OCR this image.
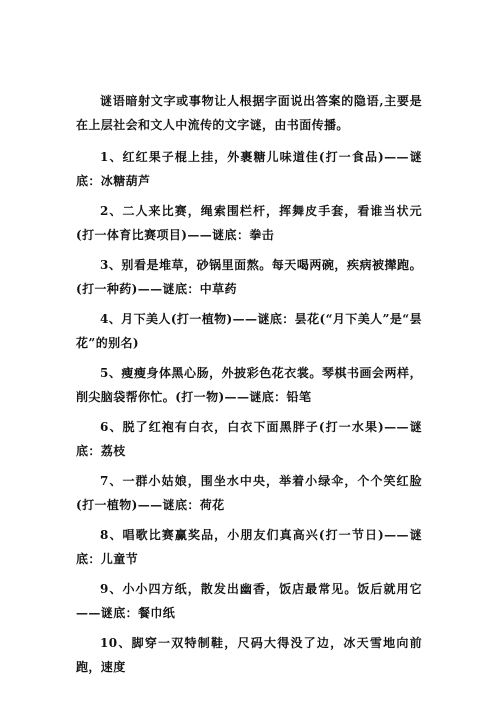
谜语暗射文字或事物让人根据字面说出答案的隐语,主要是在上层社会和文人中流传的文字谜，由书面传播。

1、红红果子棍上挂，外裹糖儿味道佳(打一食品)——谜底：冰糖葫芦

2、二人来比赛，绳索围栏杆，挥舞皮手套，看谁当状元(打一体育比赛项目)——谜底：拳击

3、别看是堆草，砂锅里面熬。每天喝两碗，疾病被撵跑。(打一种药)——谜底：中草药

4、月下美人(打一植物)——谜底：昙花(“月下美人”是“昙花”的别名)

5、瘦瘦身体黑心肠，外披彩色花衣裳。琴棋书画会两样，削尖脑袋帮你忙。(打一物)——谜底：铅笔

6、脱了红袍有白衣，白衣下面黑胖子(打一水果)——谜底：荔枝

7、一群小姑娘，围坐水中央，举着小绿伞，个个笑红脸(打一植物)——谜底：荷花

8、唱歌比赛赢奖品，小朋友们真高兴(打一节日)——谜底：儿童节

9、小小四方纸，散发出幽香，饭店最常见。饭后就用它——谜底：餐巾纸

10、脚穿一双特制鞋，尺码大得没了边，冰天雪地向前跑，速度
